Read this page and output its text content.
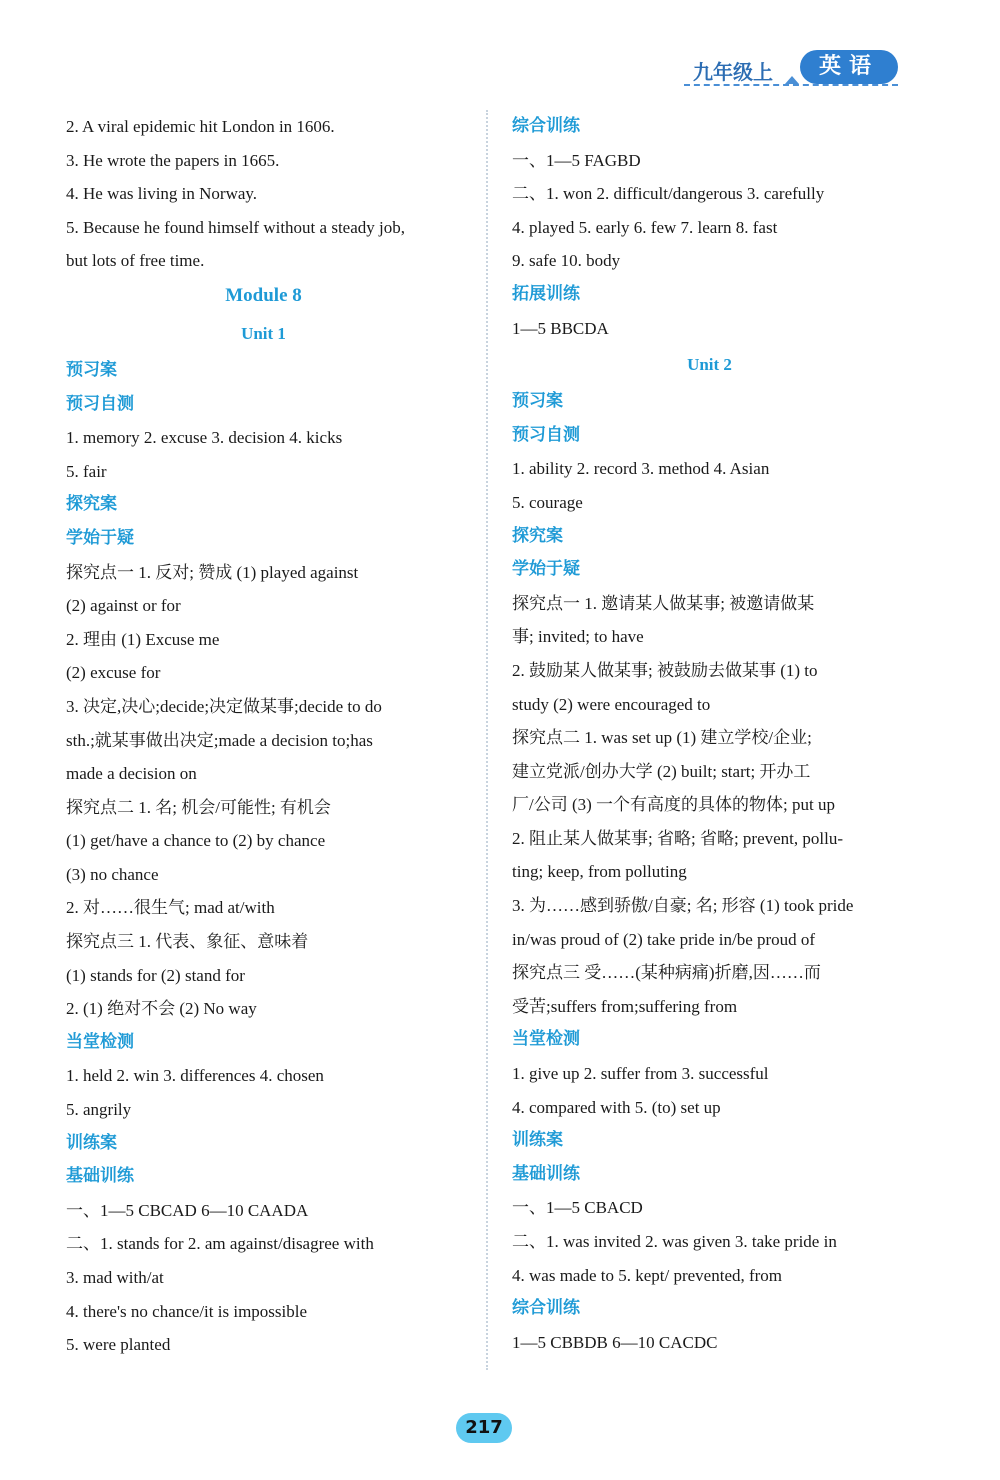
九年级上	英语
2. A viral epidemic hit London in 1606.
3. He wrote the papers in 1665.
4. He was living in Norway.
5. Because he found himself without a steady job,
but lots of free time.
Module 8
Unit 1
预习案
预习自测
1. memory 2. excuse 3. decision 4. kicks
5. fair
探究案
学始于疑
探究点一 1. 反对; 赞成 (1) played against
(2) against or for
2. 理由 (1) Excuse me
(2) excuse for
3. 决定,决心;decide;决定做某事;decide to do
sth.;就某事做出决定;made a decision to;has
made a decision on
探究点二 1. 名; 机会/可能性; 有机会
(1) get/have a chance to (2) by chance
(3) no chance
2. 对……很生气; mad at/with
探究点三 1. 代表、象征、意味着
(1) stands for (2) stand for
2. (1) 绝对不会 (2) No way
当堂检测
1. held 2. win 3. differences 4. chosen
5. angrily
训练案
基础训练
一、1—5 CBCAD 6—10 CAADA
二、1. stands for 2. am against/disagree with
3. mad with/at
4. there's no chance/it is impossible
5. were planted
综合训练
一、1—5 FAGBD
二、1. won 2. difficult/dangerous 3. carefully
4. played 5. early 6. few 7. learn 8. fast
9. safe 10. body
拓展训练
1—5 BBCDA
Unit 2
预习案
预习自测
1. ability 2. record 3. method 4. Asian
5. courage
探究案
学始于疑
探究点一 1. 邀请某人做某事; 被邀请做某
事; invited; to have
2. 鼓励某人做某事; 被鼓励去做某事 (1) to
study (2) were encouraged to
探究点二 1. was set up (1) 建立学校/企业;
建立党派/创办大学 (2) built; start; 开办工
厂/公司 (3) 一个有高度的具体的物体; put up
2. 阻止某人做某事; 省略; 省略; prevent, pollu-
ting; keep, from polluting
3. 为……感到骄傲/自豪; 名; 形容 (1) took pride
in/was proud of (2) take pride in/be proud of
探究点三 受……(某种病痛)折磨,因……而
受苦;suffers from;suffering from
当堂检测
1. give up 2. suffer from 3. successful
4. compared with 5. (to) set up
训练案
基础训练
一、1—5 CBACD
二、1. was invited 2. was given 3. take pride in
4. was made to 5. kept/ prevented, from
综合训练
1—5 CBBDB 6—10 CACDC
217
